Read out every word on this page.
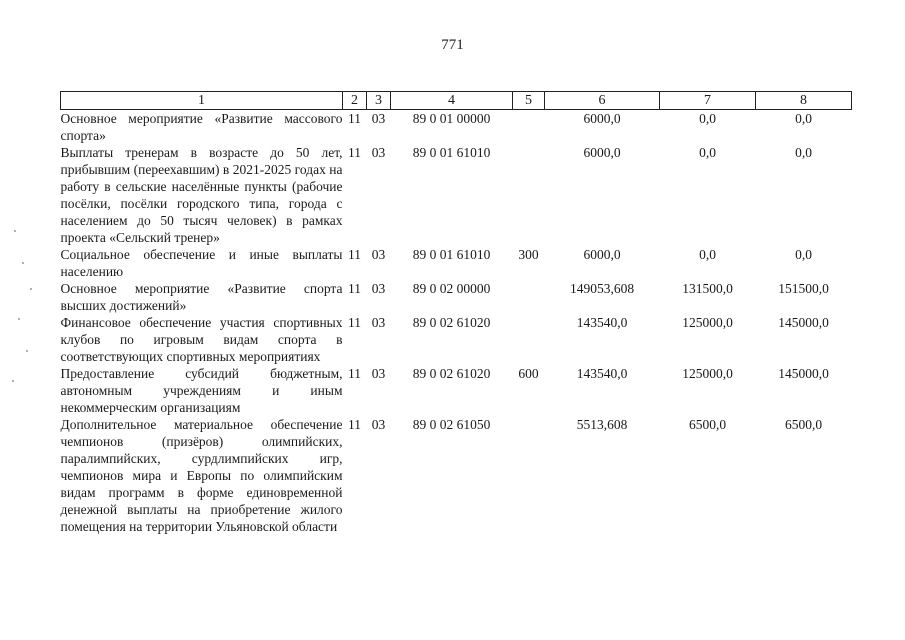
771
1	2	3	4	5	6	7	8
Основное мероприятие «Развитие массового спорта»	11	03	89 0 01 00000		6000,0	0,0	0,0
Выплаты тренерам в возрасте до 50 лет, прибывшим (переехавшим) в 2021-2025 годах на работу в сельские населённые пункты (рабочие посёлки, посёлки городского типа, города с населением до 50 тысяч человек) в рамках проекта «Сельский тренер»	11	03	89 0 01 61010		6000,0	0,0	0,0
Социальное обеспечение и иные выплаты населению	11	03	89 0 01 61010	300	6000,0	0,0	0,0
Основное мероприятие «Развитие спорта высших достижений»	11	03	89 0 02 00000		149053,608	131500,0	151500,0
Финансовое обеспечение участия спортивных клубов по игровым видам спорта в соответствующих спортивных мероприятиях	11	03	89 0 02 61020		143540,0	125000,0	145000,0
Предоставление субсидий бюджетным, автономным учреждениям и иным некоммерческим организациям	11	03	89 0 02 61020	600	143540,0	125000,0	145000,0
Дополнительное материальное обеспечение чемпионов (призёров) олимпийских, паралимпийских, сурдлимпийских игр, чемпионов мира и Европы по олимпийским видам программ в форме единовременной денежной выплаты на приобретение жилого помещения на территории Ульяновской области	11	03	89 0 02 61050		5513,608	6500,0	6500,0
